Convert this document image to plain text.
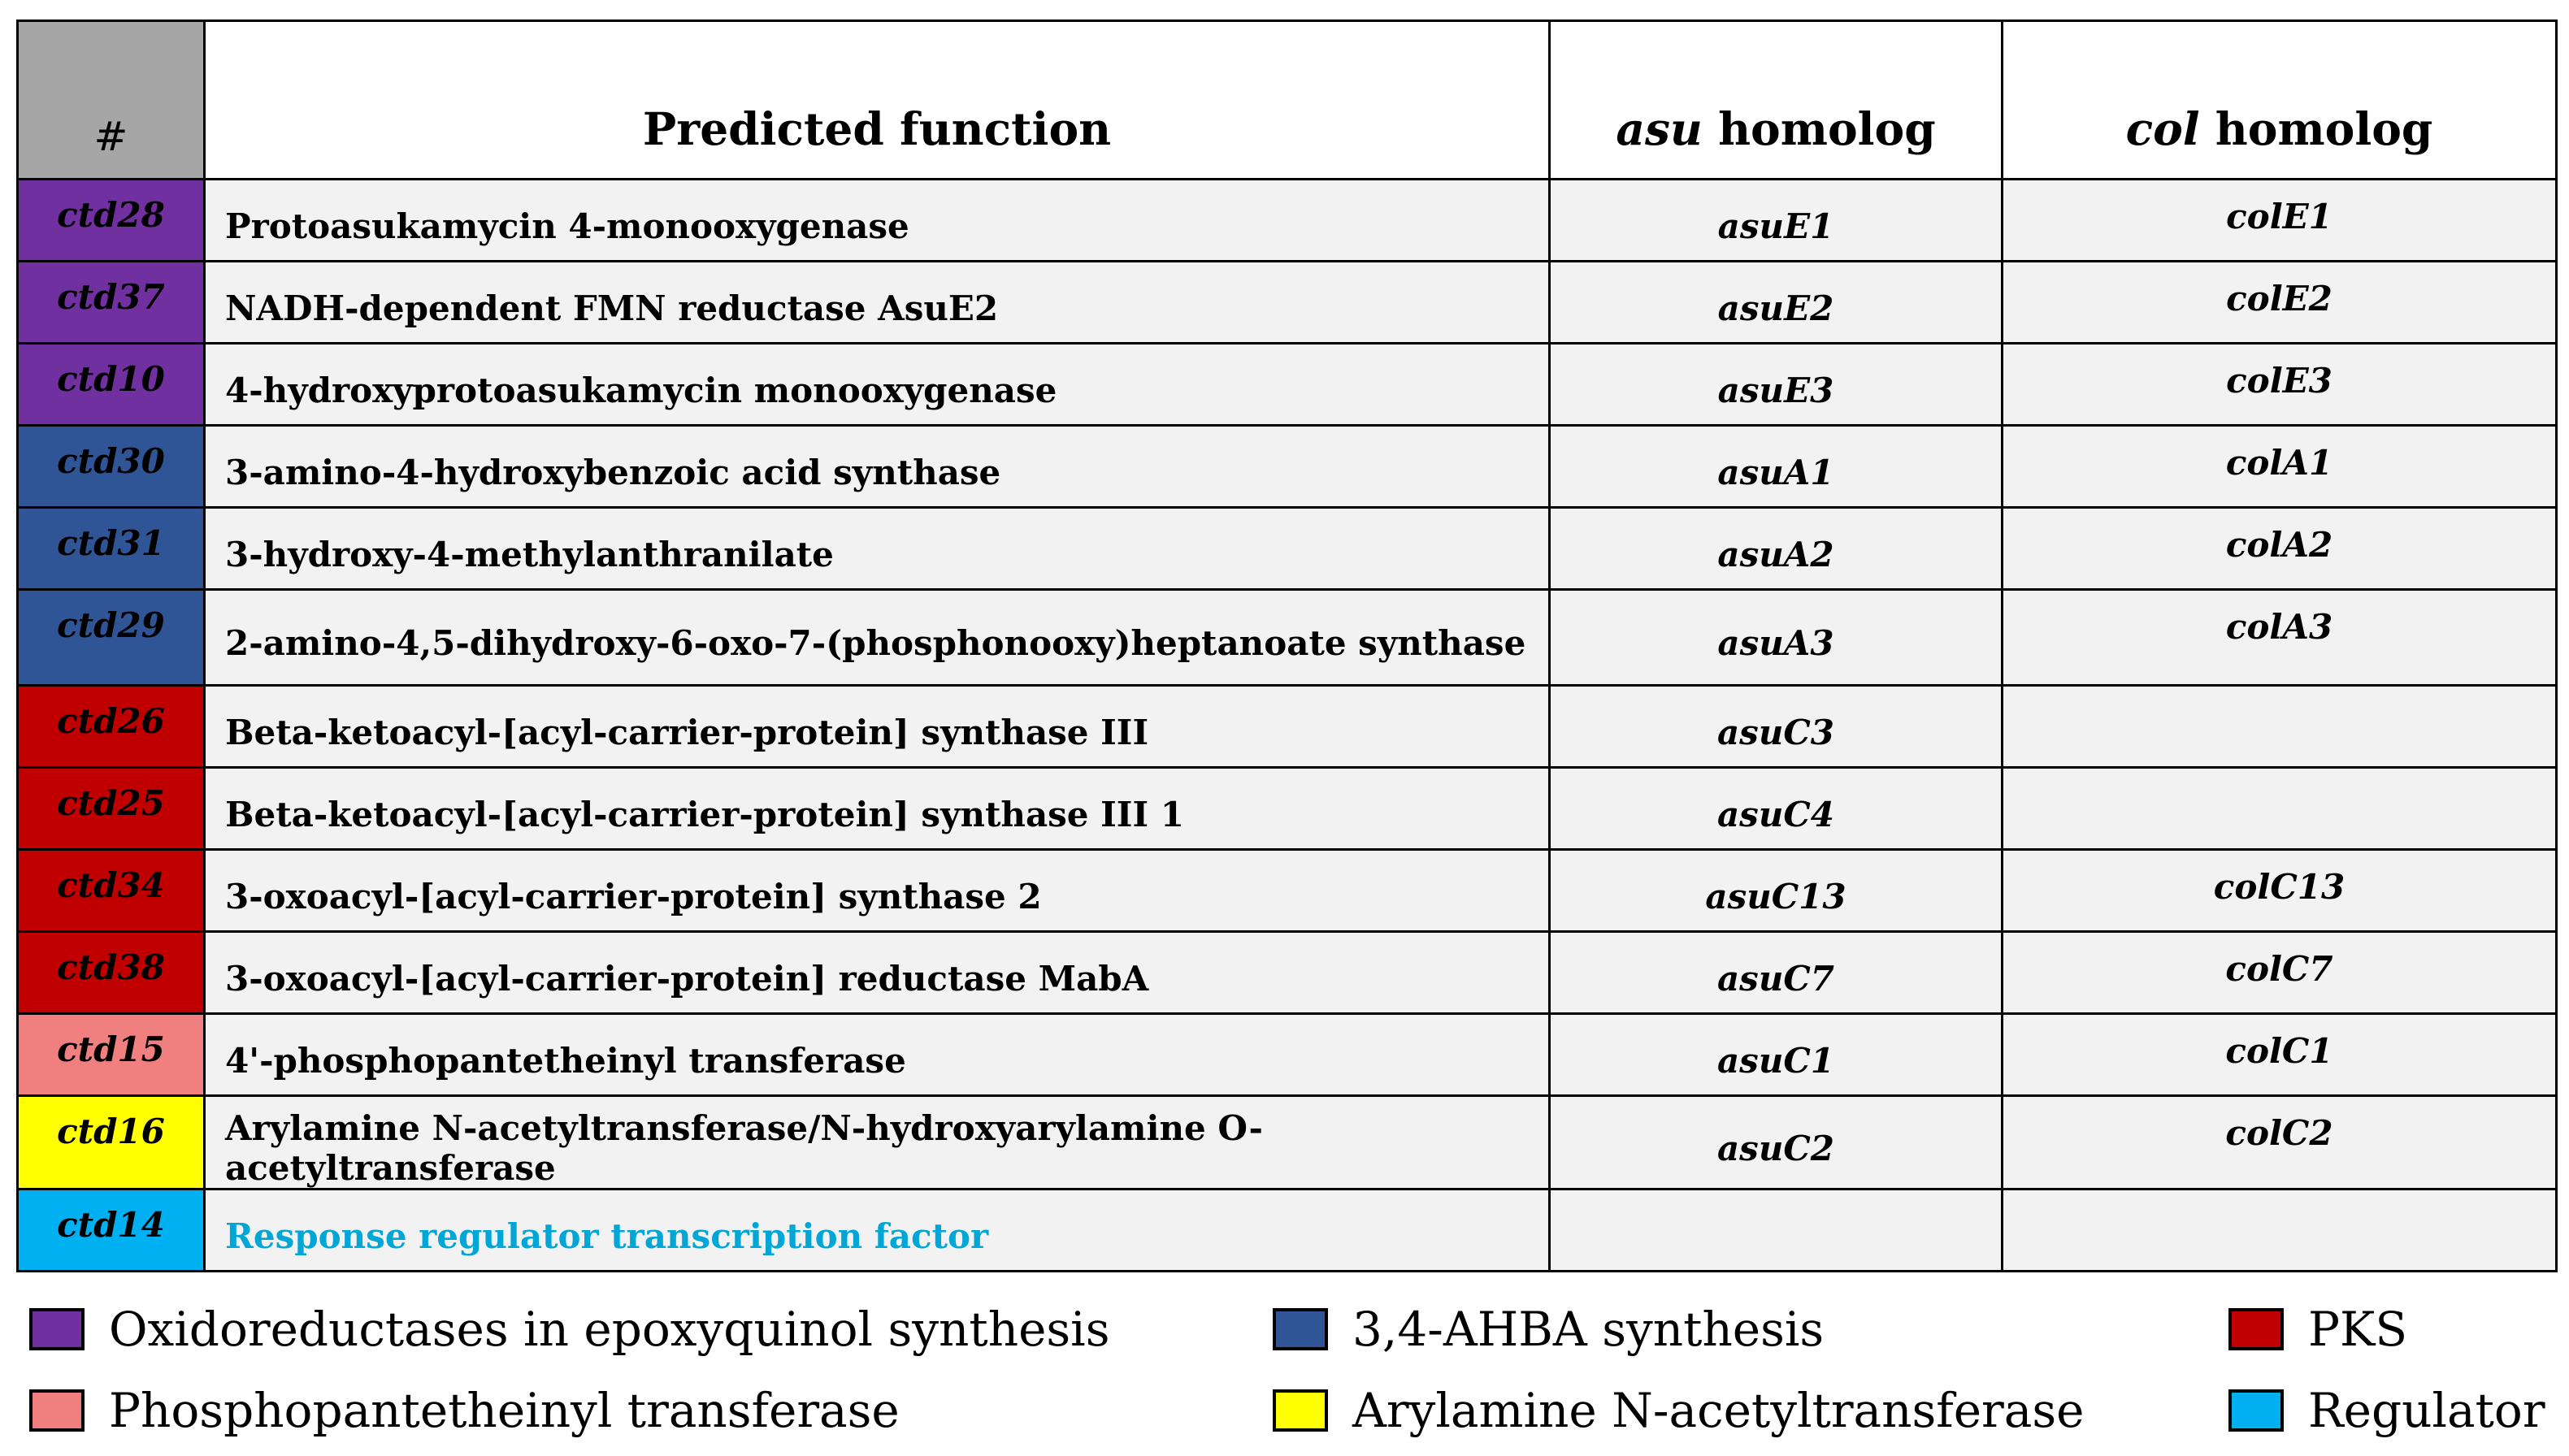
#	Predicted function	asu homolog	col homolog
ctd28	Protoasukamycin 4-monooxygenase	asuE1	colE1
ctd37	NADH-dependent FMN reductase AsuE2	asuE2	colE2
ctd10	4-hydroxyprotoasukamycin monooxygenase	asuE3	colE3
ctd30	3-amino-4-hydroxybenzoic acid synthase	asuA1	colA1
ctd31	3-hydroxy-4-methylanthranilate	asuA2	colA2
ctd29	2-amino-4,5-dihydroxy-6-oxo-7-(phosphonooxy)heptanoate synthase	asuA3	colA3
ctd26	Beta-ketoacyl-[acyl-carrier-protein] synthase III	asuC3	
ctd25	Beta-ketoacyl-[acyl-carrier-protein] synthase III 1	asuC4	
ctd34	3-oxoacyl-[acyl-carrier-protein] synthase 2	asuC13	colC13
ctd38	3-oxoacyl-[acyl-carrier-protein] reductase MabA	asuC7	colC7
ctd15	4'-phosphopantetheinyl transferase	asuC1	colC1
ctd16	Arylamine N-acetyltransferase/N-hydroxyarylamine O-acetyltransferase	asuC2	colC2
ctd14	Response regulator transcription factor		
Oxidoreductases in epoxyquinol synthesis	3,4-AHBA synthesis	PKS
Phosphopantetheinyl transferase	Arylamine N-acetyltransferase	Regulator
